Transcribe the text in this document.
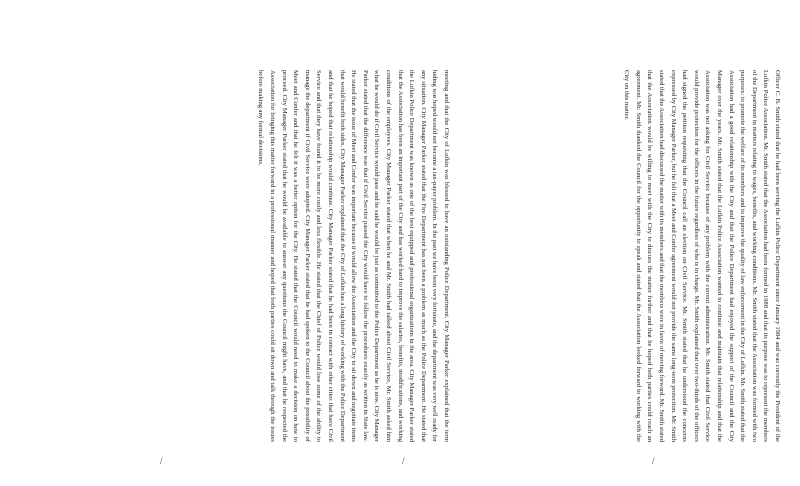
meeting and that the City of Lufkin was blessed to have an outstanding Police Department. City Manager Parker explained that the term hiding was hoped would not become a tax-payer problem. In the past we have been very fortunate, and the department was very well ready for any situation. City Manager Parker stated that the Fire Department has not been a problem as much as the Police Department. He stated that the Lufkin Police Department was known as one of the best equipped and professional organizations in the area. City Manager Parker stated that the Association has been an important part of the City and has worked hard to improve the salaries, benefits, modifications, and working conditions of the employees. City Manager Parker stated that when he and Mr. Smith had talked about Civil Service, Mr. Smith asked him what he would do if Civil Service would pass and he said he would be just as committed to the Police Department as he is now. City Manager Parker stated that the difference was that if Civil Service passed the City would have to follow the procedures exactly as written in State law. He stated that the issue of Meet and Confer was important because it would allow the Association and the City to sit down and negotiate items that would benefit both sides. City Manager Parker explained that the City of Lufkin has a long history of working with the Police Department and that he hoped that relationship would continue. City Manager Parker stated that he had been in contact with other cities that have Civil Service and that they have found it to be more costly and less flexible. He stated that the Chief of Police would lose some of the ability to manage the department if Civil Service were adopted. City Manager Parker stated that he had spoken to the Council about the possibility of Meet and Confer and that he felt it was a better option for the City. He stated that the Council would need to make a decision on how to proceed. City Manager Parker stated that he would be available to answer any questions the Council might have, and that he respected the Association for bringing this matter forward in a professional manner and hoped that both parties could sit down and talk through the issues before making any formal decisions.	Officer C. B. Smith stated that he had been serving the Lufkin Police Department since January 1984 and was currently the President of the Lufkin Police Association. Mr. Smith stated that the Association had been formed in 1988 and that its purpose was to represent the members of the Department in matters relating to wages, benefits, and working conditions. Mr. Smith stated that the Association was formed with two purposes: to promote the welfare of its members and to improve the quality of law enforcement in the City of Lufkin. Mr. Smith stated that the Association had a good relationship with the City and that the Police Department had enjoyed the support of the Council and the City Manager over the years. Mr. Smith stated that the Lufkin Police Association wanted to continue and maintain that relationship and that the Association was not asking for Civil Service because of any problem with the current administration. Mr. Smith stated that Civil Service would provide protection for the officers in the future regardless of who is in charge. Mr. Smith explained that over two-thirds of the officers had signed the petition requesting that the Council call an election on Civil Service. Mr. Smith stated that he understood the concerns expressed by City Manager Parker, but he felt that a Meet and Confer agreement would not provide the same long-term protection. Mr. Smith stated that the Association had discussed the matter with its members and that the members were in favor of moving forward. Mr. Smith stated that the Association would be willing to meet with the City to discuss the matter further and that he hoped both parties could reach an agreement. Mr. Smith thanked the Council for the opportunity to speak and stated that the Association looked forward to working with the City on this matter.

/	/	/
